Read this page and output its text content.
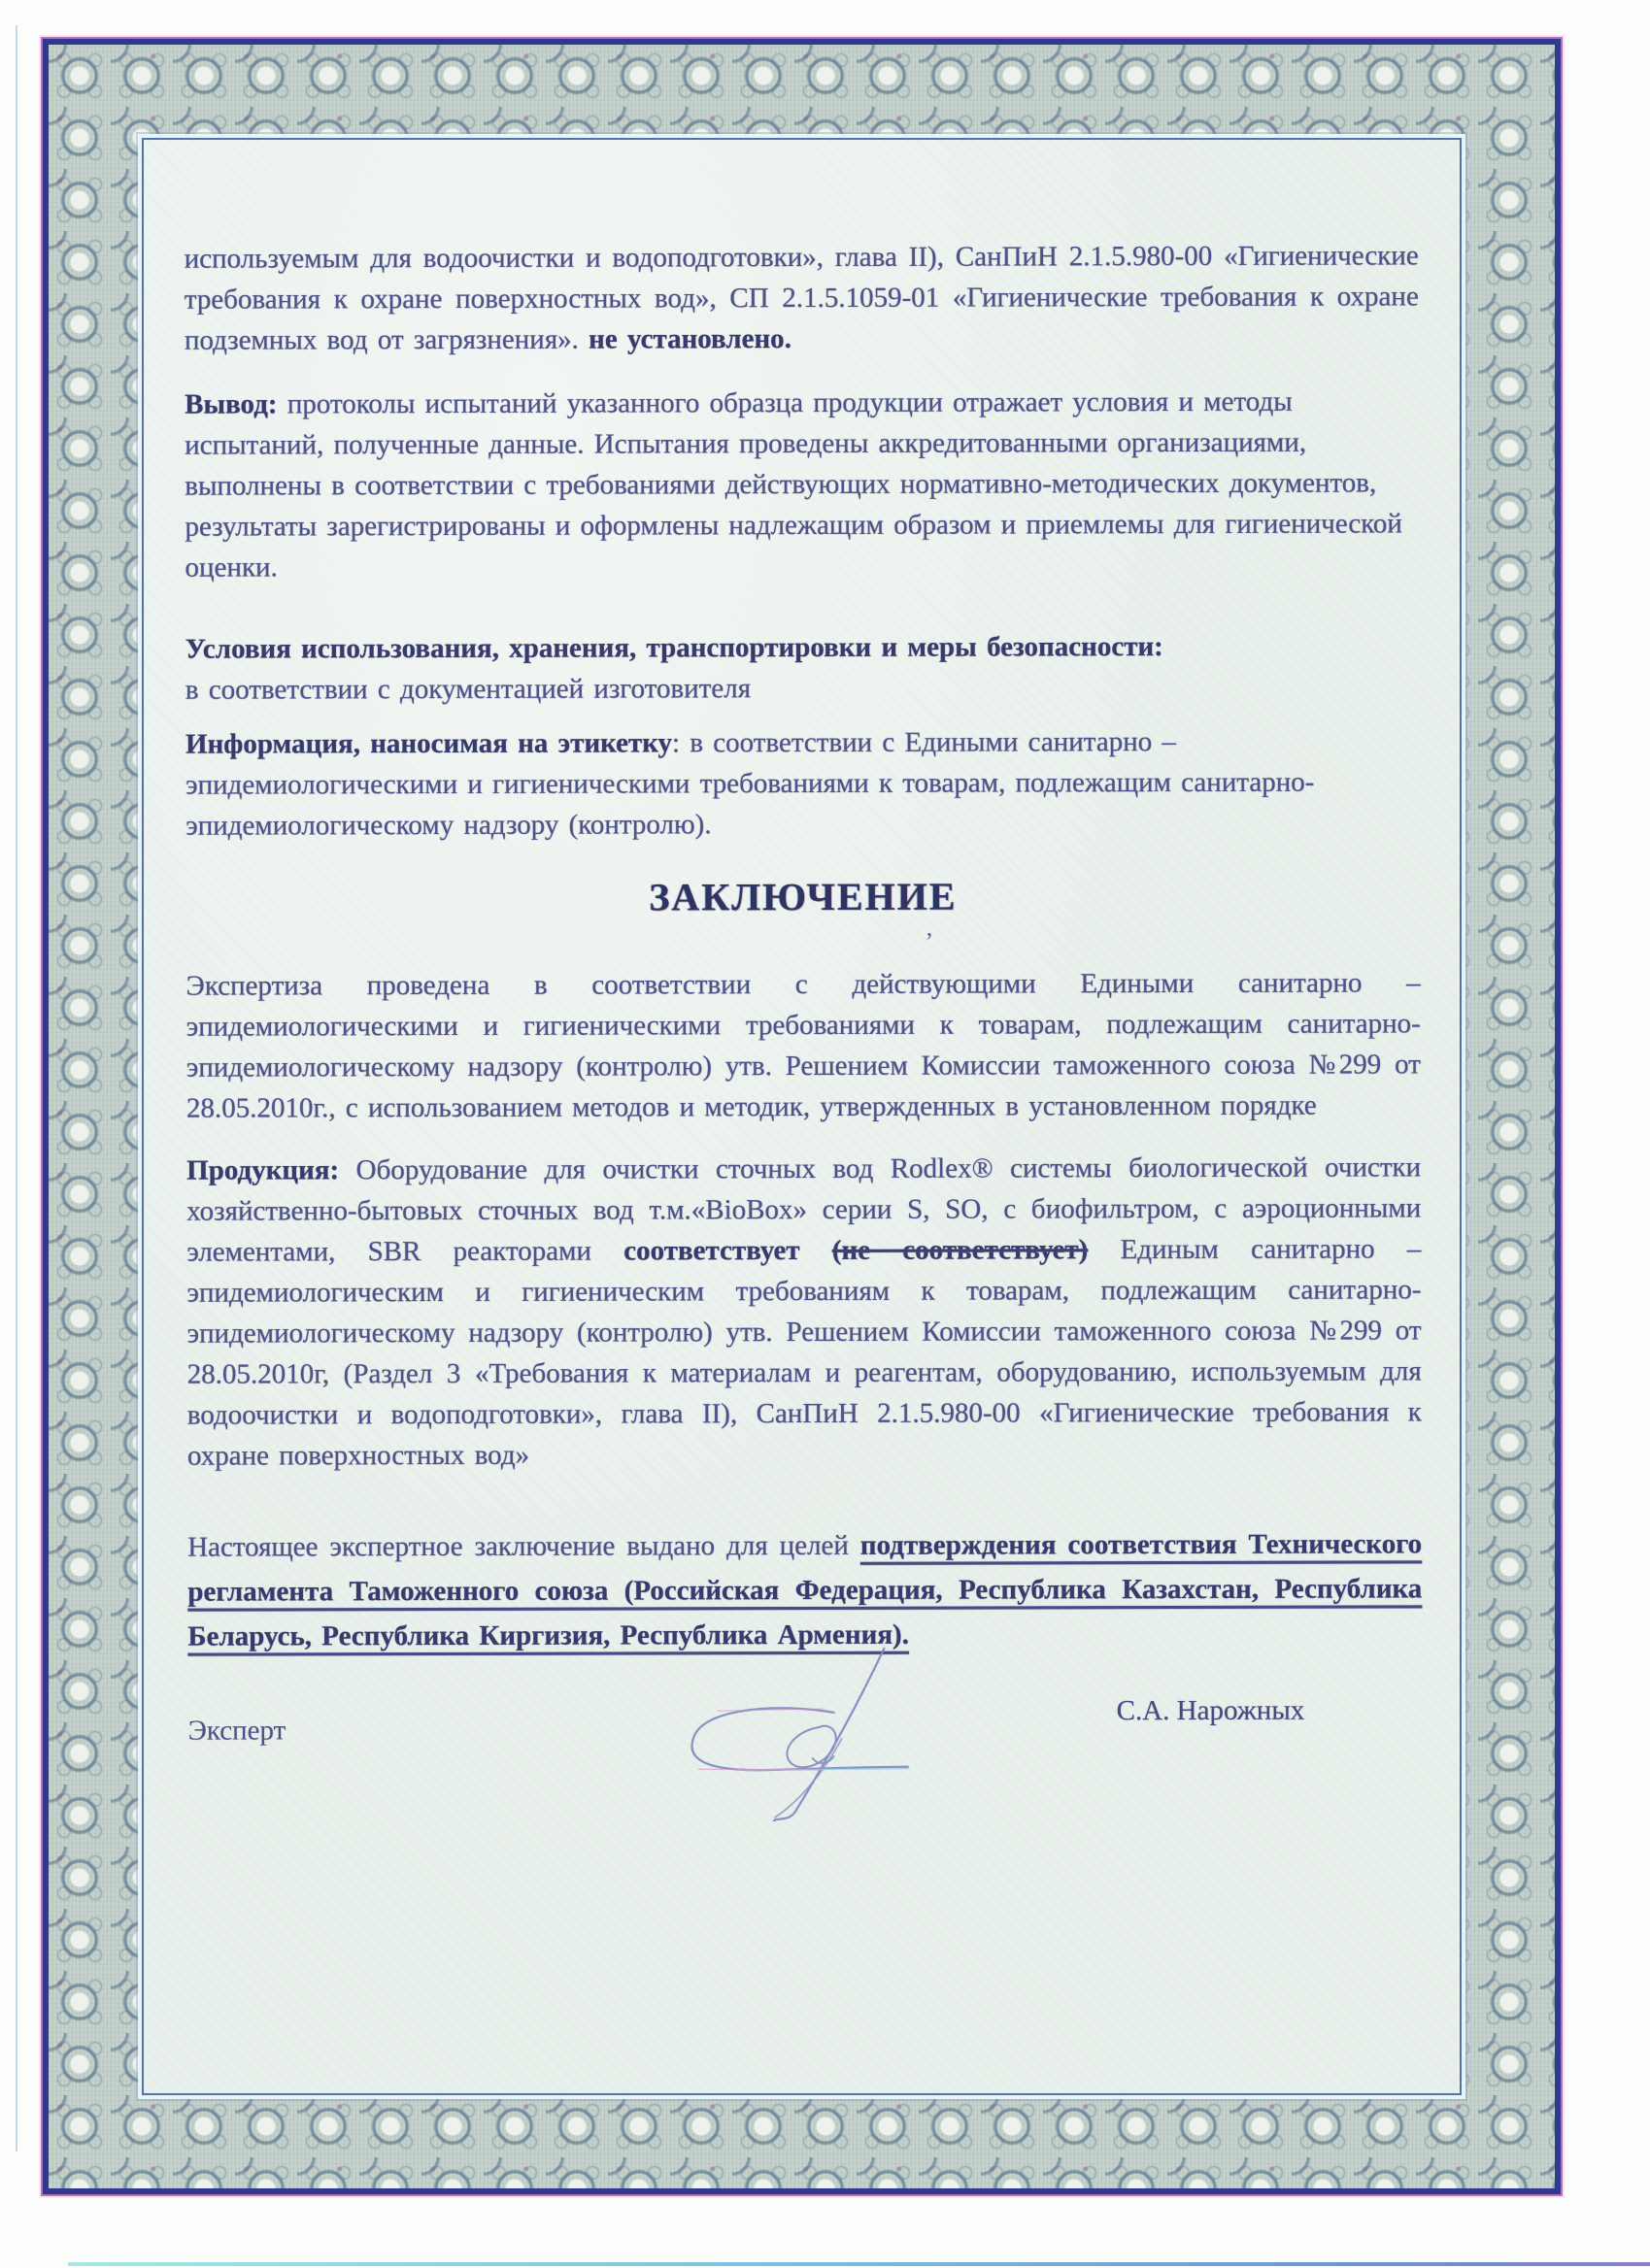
используемым для водоочистки и водоподготовки», глава II), СанПиН 2.1.5.980-00 «Гигиенические требования к охране поверхностных вод», СП 2.1.5.1059-01 «Гигиенические требования к охране подземных вод от загрязнения». не установлено.

Вывод: протоколы испытаний указанного образца продукции отражает условия и методы испытаний, полученные данные. Испытания проведены аккредитованными организациями, выполнены в соответствии с требованиями действующих нормативно-методических документов, результаты зарегистрированы и оформлены надлежащим образом и приемлемы для гигиенической оценки.

Условия использования, хранения, транспортировки и меры безопасности:
в соответствии с документацией изготовителя

Информация, наносимая на этикетку: в соответствии с Едиными санитарно – эпидемиологическими и гигиеническими требованиями к товарам, подлежащим санитарно-эпидемиологическому надзору (контролю).

ЗАКЛЮЧЕНИЕ
,

Экспертиза проведена в соответствии с действующими Едиными санитарно – эпидемиологическими и гигиеническими требованиями к товарам, подлежащим санитарно-эпидемиологическому надзору (контролю) утв. Решением Комиссии таможенного союза №299 от 28.05.2010г., с использованием методов и методик, утвержденных в установленном порядке

Продукция: Оборудование для очистки сточных вод Rodlex® системы биологической очистки хозяйственно-бытовых сточных вод т.м.«BioBox» серии S, SO, с биофильтром, с аэроционными элементами, SBR реакторами соответствует (не соответствует) Единым санитарно – эпидемиологическим и гигиеническим требованиям к товарам, подлежащим санитарно-эпидемиологическому надзору (контролю) утв. Решением Комиссии таможенного союза №299 от 28.05.2010г, (Раздел 3 «Требования к материалам и реагентам, оборудованию, используемым для водоочистки и водоподготовки», глава II), СанПиН 2.1.5.980-00 «Гигиенические требования к охране поверхностных вод»

Настоящее экспертное заключение выдано для целей подтверждения соответствия Технического регламента Таможенного союза (Российская Федерация, Республика Казахстан, Республика Беларусь, Республика Киргизия, Республика Армения).

Эксперт
С.А. Нарожных
